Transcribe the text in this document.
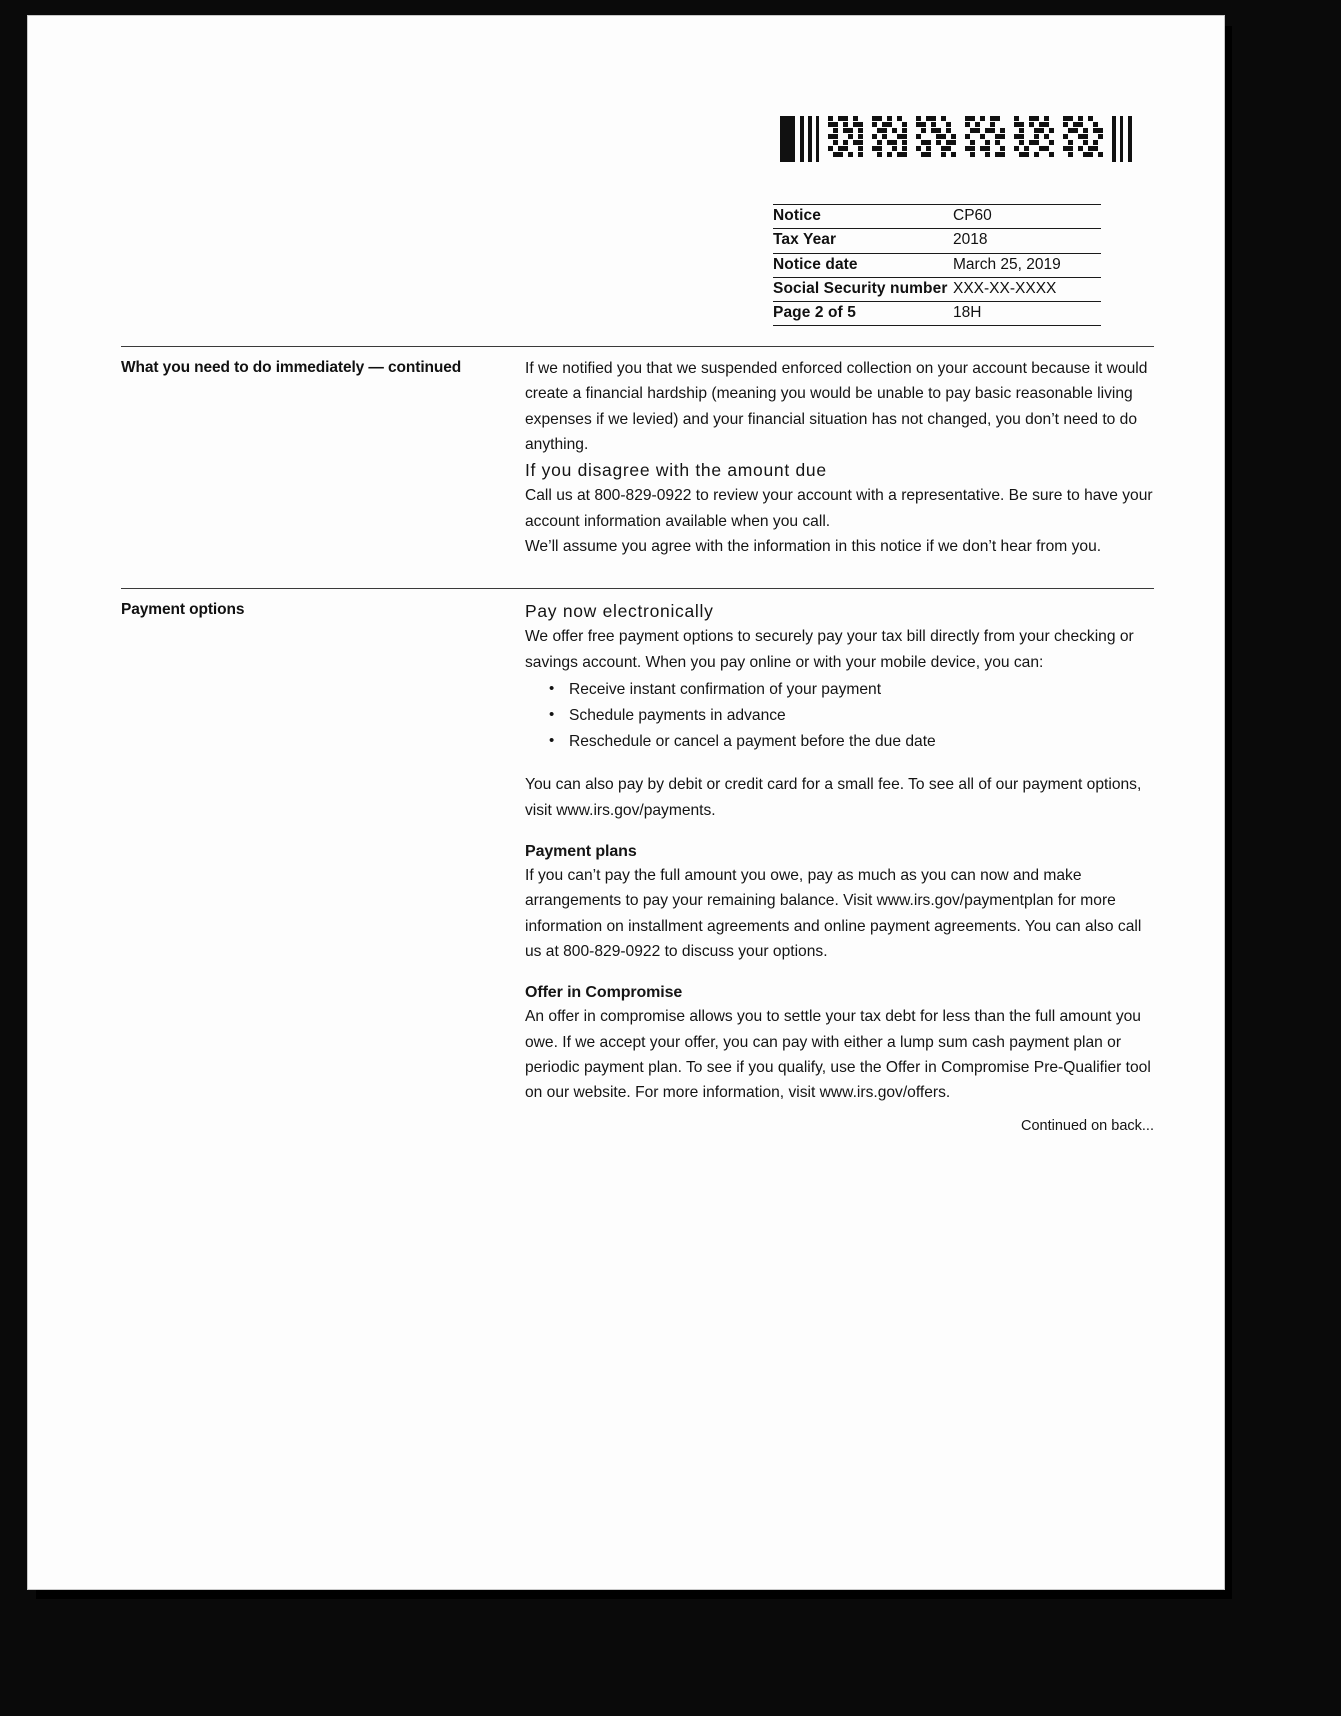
Notice	CP60
Tax Year	2018
Notice date	March 25, 2019
Social Security number	XXX-XX-XXXX
Page 2 of 5	18H
What you need to do immediately — continued	If we notified you that we suspended enforced collection on your account because it would create a financial hardship (meaning you would be unable to pay basic reasonable living expenses if we levied) and your financial situation has not changed, you don’t need to do anything.

If you disagree with the amount due

Call us at 800-829-0922 to review your account with a representative. Be sure to have your account information available when you call.

We’ll assume you agree with the information in this notice if we don’t hear from you.

Payment options	Pay now electronically

We offer free payment options to securely pay your tax bill directly from your checking or savings account. When you pay online or with your mobile device, you can:

• Receive instant confirmation of your payment
• Schedule payments in advance
• Reschedule or cancel a payment before the due date

You can also pay by debit or credit card for a small fee. To see all of our payment options, visit www.irs.gov/payments.

Payment plans

If you can’t pay the full amount you owe, pay as much as you can now and make arrangements to pay your remaining balance. Visit www.irs.gov/paymentplan for more information on installment agreements and online payment agreements. You can also call us at 800-829-0922 to discuss your options.

Offer in Compromise

An offer in compromise allows you to settle your tax debt for less than the full amount you owe. If we accept your offer, you can pay with either a lump sum cash payment plan or periodic payment plan. To see if you qualify, use the Offer in Compromise Pre-Qualifier tool on our website. For more information, visit www.irs.gov/offers.

Continued on back...
